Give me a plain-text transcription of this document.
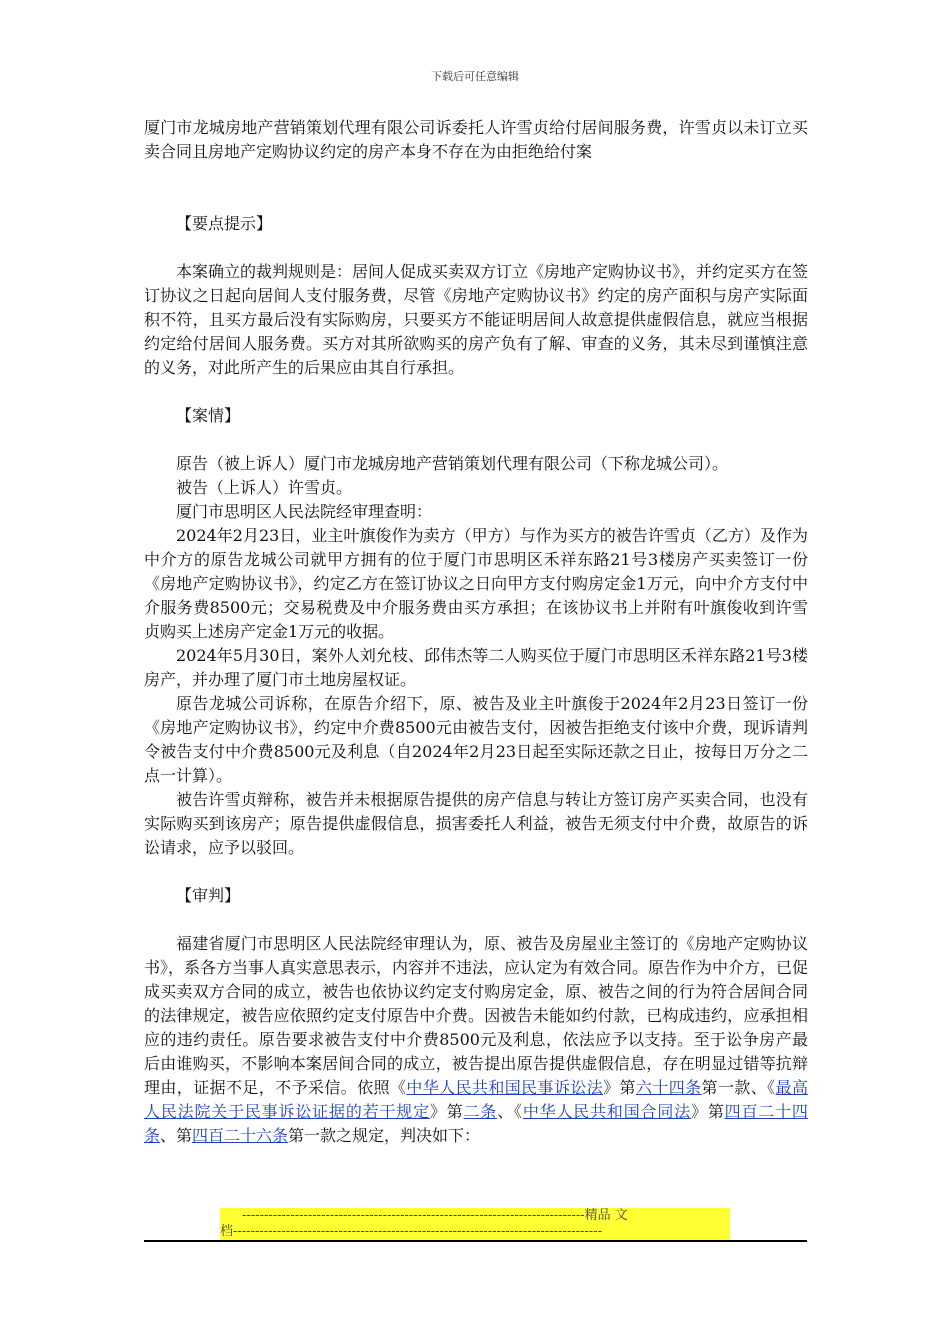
下载后可任意编辑

厦门市龙城房地产营销策划代理有限公司诉委托人许雪贞给付居间服务费，许雪贞以未订立买卖合同且房地产定购协议约定的房产本身不存在为由拒绝给付案

【要点提示】

本案确立的裁判规则是：居间人促成买卖双方订立《房地产定购协议书》，并约定买方在签订协议之日起向居间人支付服务费，尽管《房地产定购协议书》约定的房产面积与房产实际面积不符，且买方最后没有实际购房，只要买方不能证明居间人故意提供虚假信息，就应当根据约定给付居间人服务费。买方对其所欲购买的房产负有了解、审查的义务，其未尽到谨慎注意的义务，对此所产生的后果应由其自行承担。

【案情】

原告（被上诉人）厦门市龙城房地产营销策划代理有限公司（下称龙城公司）。

被告（上诉人）许雪贞。

厦门市思明区人民法院经审理查明：

2024年2月23日，业主叶旗俊作为卖方（甲方）与作为买方的被告许雪贞（乙方）及作为中介方的原告龙城公司就甲方拥有的位于厦门市思明区禾祥东路21号3楼房产买卖签订一份《房地产定购协议书》，约定乙方在签订协议之日向甲方支付购房定金1万元，向中介方支付中介服务费8500元；交易税费及中介服务费由买方承担；在该协议书上并附有叶旗俊收到许雪贞购买上述房产定金1万元的收据。

2024年5月30日，案外人刘允枝、邱伟杰等二人购买位于厦门市思明区禾祥东路21号3楼房产，并办理了厦门市土地房屋权证。

原告龙城公司诉称，在原告介绍下，原、被告及业主叶旗俊于2024年2月23日签订一份《房地产定购协议书》，约定中介费8500元由被告支付，因被告拒绝支付该中介费，现诉请判令被告支付中介费8500元及利息（自2024年2月23日起至实际还款之日止，按每日万分之二点一计算）。

被告许雪贞辩称，被告并未根据原告提供的房产信息与转让方签订房产买卖合同，也没有实际购买到该房产；原告提供虚假信息，损害委托人利益，被告无须支付中介费，故原告的诉讼请求，应予以驳回。

【审判】

福建省厦门市思明区人民法院经审理认为，原、被告及房屋业主签订的《房地产定购协议书》，系各方当事人真实意思表示，内容并不违法，应认定为有效合同。原告作为中介方，已促成买卖双方合同的成立，被告也依协议约定支付购房定金，原、被告之间的行为符合居间合同的法律规定，被告应依照约定支付原告中介费。因被告未能如约付款，已构成违约，应承担相应的违约责任。原告要求被告支付中介费8500元及利息，依法应予以支持。至于讼争房产最后由谁购买，不影响本案居间合同的成立，被告提出原告提供虚假信息，存在明显过错等抗辩理由，证据不足，不予采信。依照《中华人民共和国民事诉讼法》第六十四条第一款、《最高人民法院关于民事诉讼证据的若干规定》第二条、《中华人民共和国合同法》第四百二十四条、第四百二十六条第一款之规定，判决如下：

------------------------------------------------------------------------------精品 文
档------------------------------------------------------------------------------------
